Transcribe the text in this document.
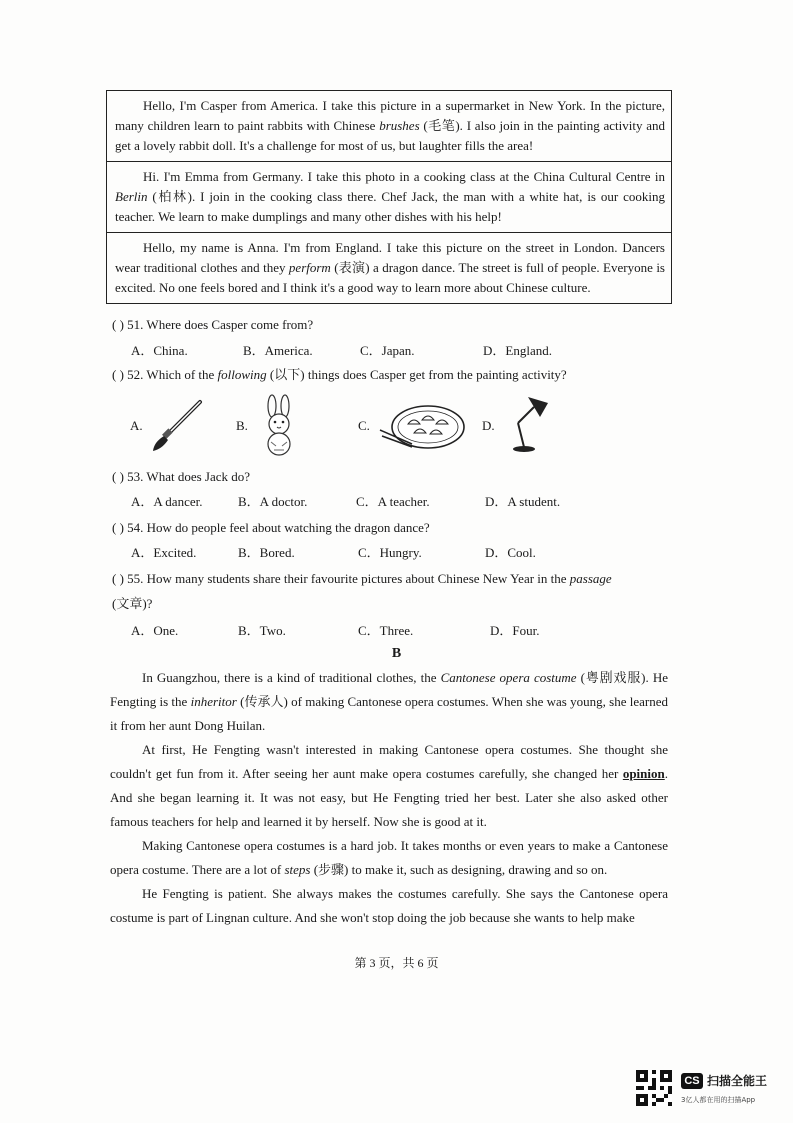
Hello, I'm Casper from America. I take this picture in a supermarket in New York. In the picture, many children learn to paint rabbits with Chinese brushes (毛笔). I also join in the painting activity and get a lovely rabbit doll. It's a challenge for most of us, but laughter fills the area!

Hi. I'm Emma from Germany. I take this photo in a cooking class at the China Cultural Centre in Berlin (柏林). I join in the cooking class there. Chef Jack, the man with a white hat, is our cooking teacher. We learn to make dumplings and many other dishes with his help!

Hello, my name is Anna. I'm from England. I take this picture on the street in London. Dancers wear traditional clothes and they perform (表演) a dragon dance. The street is full of people. Everyone is excited. No one feels bored and I think it's a good way to learn more about Chinese culture.

( ) 51. Where does Casper come from?
A．China.	B．America.	C．Japan.	D．England.
( ) 52. Which of the following (以下) things does Casper get from the painting activity?
A.	B.	C.	D.
( ) 53. What does Jack do?
A．A dancer.	B．A doctor.	C．A teacher.	D．A student.
( ) 54. How do people feel about watching the dragon dance?
A．Excited.	B．Bored.	C．Hungry.	D．Cool.
( ) 55. How many students share their favourite pictures about Chinese New Year in the passage
(文章)?
A．One.	B．Two.	C．Three.	D．Four.
B

In Guangzhou, there is a kind of traditional clothes, the Cantonese opera costume (粤剧戏服). He Fengting is the inheritor (传承人) of making Cantonese opera costumes. When she was young, she learned it from her aunt Dong Huilan.

At first, He Fengting wasn't interested in making Cantonese opera costumes. She thought she couldn't get fun from it. After seeing her aunt make opera costumes carefully, she changed her opinion. And she began learning it. It was not easy, but He Fengting tried her best. Later she also asked other famous teachers for help and learned it by herself. Now she is good at it.

Making Cantonese opera costumes is a hard job. It takes months or even years to make a Cantonese opera costume. There are a lot of steps (步骤) to make it, such as designing, drawing and so on.

He Fengting is patient. She always makes the costumes carefully. She says the Cantonese opera costume is part of Lingnan culture. And she won't stop doing the job because she wants to help make

第 3 页，共 6 页
CS 扫描全能王
3亿人都在用的扫描App
